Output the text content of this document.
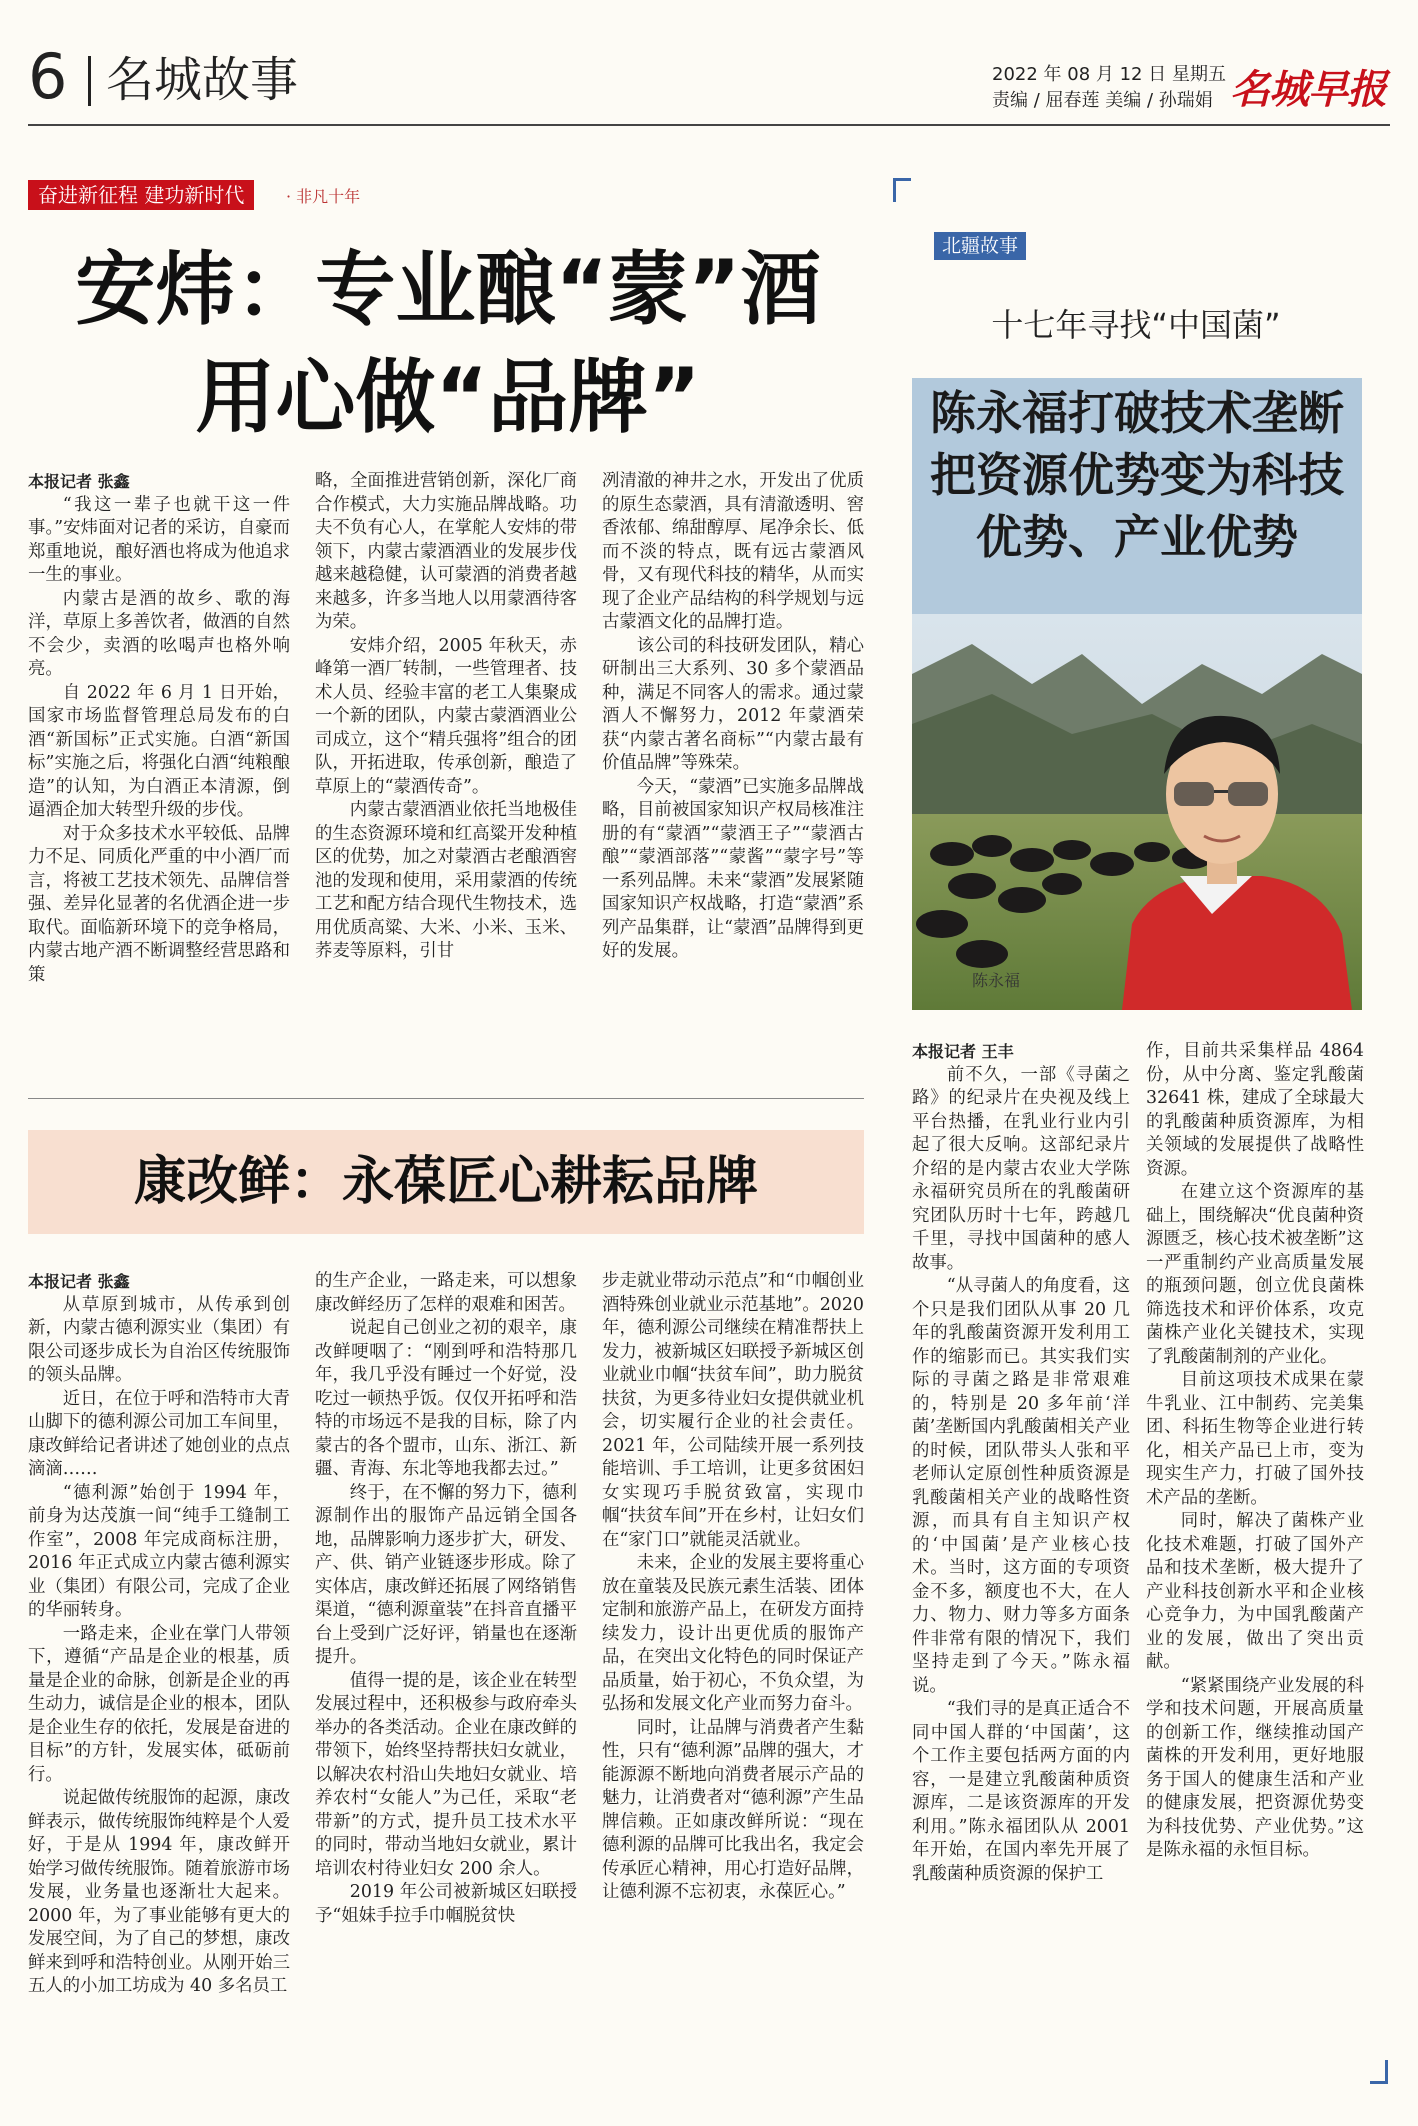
6 名城故事	2022 年 08 月 12 日 星期五
责编 / 屈春莲 美编 / 孙瑞娟 名城早报
奋进新征程 建功新时代	· 非凡十年
安炜：专业酿“蒙”酒
用心做“品牌”

本报记者 张鑫

“我这一辈子也就干这一件事。”安炜面对记者的采访，自豪而郑重地说，酿好酒也将成为他追求一生的事业。

内蒙古是酒的故乡、歌的海洋，草原上多善饮者，做酒的自然不会少，卖酒的吆喝声也格外响亮。

自 2022 年 6 月 1 日开始，国家市场监督管理总局发布的白酒“新国标”正式实施。白酒“新国标”实施之后，将强化白酒“纯粮酿造”的认知，为白酒正本清源，倒逼酒企加大转型升级的步伐。

对于众多技术水平较低、品牌力不足、同质化严重的中小酒厂而言，将被工艺技术领先、品牌信誉强、差异化显著的名优酒企进一步取代。面临新环境下的竞争格局，内蒙古地产酒不断调整经营思路和策

略，全面推进营销创新，深化厂商合作模式，大力实施品牌战略。功夫不负有心人，在掌舵人安炜的带领下，内蒙古蒙酒酒业的发展步伐越来越稳健，认可蒙酒的消费者越来越多，许多当地人以用蒙酒待客为荣。

安炜介绍，2005 年秋天，赤峰第一酒厂转制，一些管理者、技术人员、经验丰富的老工人集聚成一个新的团队，内蒙古蒙酒酒业公司成立，这个“精兵强将”组合的团队，开拓进取，传承创新，酿造了草原上的“蒙酒传奇”。

内蒙古蒙酒酒业依托当地极佳的生态资源环境和红高粱开发种植区的优势，加之对蒙酒古老酿酒窖池的发现和使用，采用蒙酒的传统工艺和配方结合现代生物技术，选用优质高粱、大米、小米、玉米、荞麦等原料，引甘

冽清澈的神井之水，开发出了优质的原生态蒙酒，具有清澈透明、窖香浓郁、绵甜醇厚、尾净余长、低而不淡的特点，既有远古蒙酒风骨，又有现代科技的精华，从而实现了企业产品结构的科学规划与远古蒙酒文化的品牌打造。

该公司的科技研发团队，精心研制出三大系列、30 多个蒙酒品种，满足不同客人的需求。通过蒙酒人不懈努力，2012 年蒙酒荣获“内蒙古著名商标”“内蒙古最有价值品牌”等殊荣。

今天，“蒙酒”已实施多品牌战略，目前被国家知识产权局核准注册的有“蒙酒”“蒙酒王子”“蒙酒古酿”“蒙酒部落”“蒙酱”“蒙字号”等一系列品牌。未来“蒙酒”发展紧随国家知识产权战略，打造“蒙酒”系列产品集群，让“蒙酒”品牌得到更好的发展。

康改鲜：永葆匠心耕耘品牌

本报记者 张鑫

从草原到城市，从传承到创新，内蒙古德利源实业（集团）有限公司逐步成长为自治区传统服饰的领头品牌。

近日，在位于呼和浩特市大青山脚下的德利源公司加工车间里，康改鲜给记者讲述了她创业的点点滴滴……

“德利源”始创于 1994 年，前身为达茂旗一间“纯手工缝制工作室”，2008 年完成商标注册，2016 年正式成立内蒙古德利源实业（集团）有限公司，完成了企业的华丽转身。

一路走来，企业在掌门人带领下，遵循“产品是企业的根基，质量是企业的命脉，创新是企业的再生动力，诚信是企业的根本，团队是企业生存的依托，发展是奋进的目标”的方针，发展实体，砥砺前行。

说起做传统服饰的起源，康改鲜表示，做传统服饰纯粹是个人爱好，于是从 1994 年，康改鲜开始学习做传统服饰。随着旅游市场发展，业务量也逐渐壮大起来。2000 年，为了事业能够有更大的发展空间，为了自己的梦想，康改鲜来到呼和浩特创业。从刚开始三五人的小加工坊成为 40 多名员工

的生产企业，一路走来，可以想象康改鲜经历了怎样的艰难和困苦。

说起自己创业之初的艰辛，康改鲜哽咽了：“刚到呼和浩特那几年，我几乎没有睡过一个好觉，没吃过一顿热乎饭。仅仅开拓呼和浩特的市场远不是我的目标，除了内蒙古的各个盟市，山东、浙江、新疆、青海、东北等地我都去过。”

终于，在不懈的努力下，德利源制作出的服饰产品远销全国各地，品牌影响力逐步扩大，研发、产、供、销产业链逐步形成。除了实体店，康改鲜还拓展了网络销售渠道，“德利源童装”在抖音直播平台上受到广泛好评，销量也在逐渐提升。

值得一提的是，该企业在转型发展过程中，还积极参与政府牵头举办的各类活动。企业在康改鲜的带领下，始终坚持帮扶妇女就业，以解决农村沿山失地妇女就业、培养农村“女能人”为己任，采取“老带新”的方式，提升员工技术水平的同时，带动当地妇女就业，累计培训农村待业妇女 200 余人。

2019 年公司被新城区妇联授予“姐妹手拉手巾帼脱贫快

步走就业带动示范点”和“巾帼创业酒特殊创业就业示范基地”。2020 年，德利源公司继续在精准帮扶上发力，被新城区妇联授予新城区创业就业巾帼“扶贫车间”，助力脱贫扶贫，为更多待业妇女提供就业机会，切实履行企业的社会责任。2021 年，公司陆续开展一系列技能培训、手工培训，让更多贫困妇女实现巧手脱贫致富，实现巾帼“扶贫车间”开在乡村，让妇女们在“家门口”就能灵活就业。

未来，企业的发展主要将重心放在童装及民族元素生活装、团体定制和旅游产品上，在研发方面持续发力，设计出更优质的服饰产品，在突出文化特色的同时保证产品质量，始于初心，不负众望，为弘扬和发展文化产业而努力奋斗。

同时，让品牌与消费者产生黏性，只有“德利源”品牌的强大，才能源源不断地向消费者展示产品的魅力，让消费者对“德利源”产生品牌信赖。正如康改鲜所说：“现在德利源的品牌可比我出名，我定会传承匠心精神，用心打造好品牌，让德利源不忘初衷，永葆匠心。”

北疆故事
十七年寻找“中国菌”
陈永福打破技术垄断
把资源优势变为科技
优势、产业优势
陈永福

本报记者 王丰

前不久，一部《寻菌之路》的纪录片在央视及线上平台热播，在乳业行业内引起了很大反响。这部纪录片介绍的是内蒙古农业大学陈永福研究员所在的乳酸菌研究团队历时十七年，跨越几千里，寻找中国菌种的感人故事。

“从寻菌人的角度看，这个只是我们团队从事 20 几年的乳酸菌资源开发利用工作的缩影而已。其实我们实际的寻菌之路是非常艰难的，特别是 20 多年前‘洋菌’垄断国内乳酸菌相关产业的时候，团队带头人张和平老师认定原创性种质资源是乳酸菌相关产业的战略性资源，而具有自主知识产权的‘中国菌’是产业核心技术。当时，这方面的专项资金不多，额度也不大，在人力、物力、财力等多方面条件非常有限的情况下，我们坚持走到了今天。”陈永福说。

“我们寻的是真正适合不同中国人群的‘中国菌’，这个工作主要包括两方面的内容，一是建立乳酸菌种质资源库，二是该资源库的开发利用。”陈永福团队从 2001 年开始，在国内率先开展了乳酸菌种质资源的保护工

作，目前共采集样品 4864 份，从中分离、鉴定乳酸菌 32641 株，建成了全球最大的乳酸菌种质资源库，为相关领域的发展提供了战略性资源。

在建立这个资源库的基础上，围绕解决“优良菌种资源匮乏，核心技术被垄断”这一严重制约产业高质量发展的瓶颈问题，创立优良菌株筛选技术和评价体系，攻克菌株产业化关键技术，实现了乳酸菌制剂的产业化。

目前这项技术成果在蒙牛乳业、江中制药、完美集团、科拓生物等企业进行转化，相关产品已上市，变为现实生产力，打破了国外技术产品的垄断。

同时，解决了菌株产业化技术难题，打破了国外产品和技术垄断，极大提升了产业科技创新水平和企业核心竞争力，为中国乳酸菌产业的发展，做出了突出贡献。

“紧紧围绕产业发展的科学和技术问题，开展高质量的创新工作，继续推动国产菌株的开发利用，更好地服务于国人的健康生活和产业的健康发展，把资源优势变为科技优势、产业优势。”这是陈永福的永恒目标。
